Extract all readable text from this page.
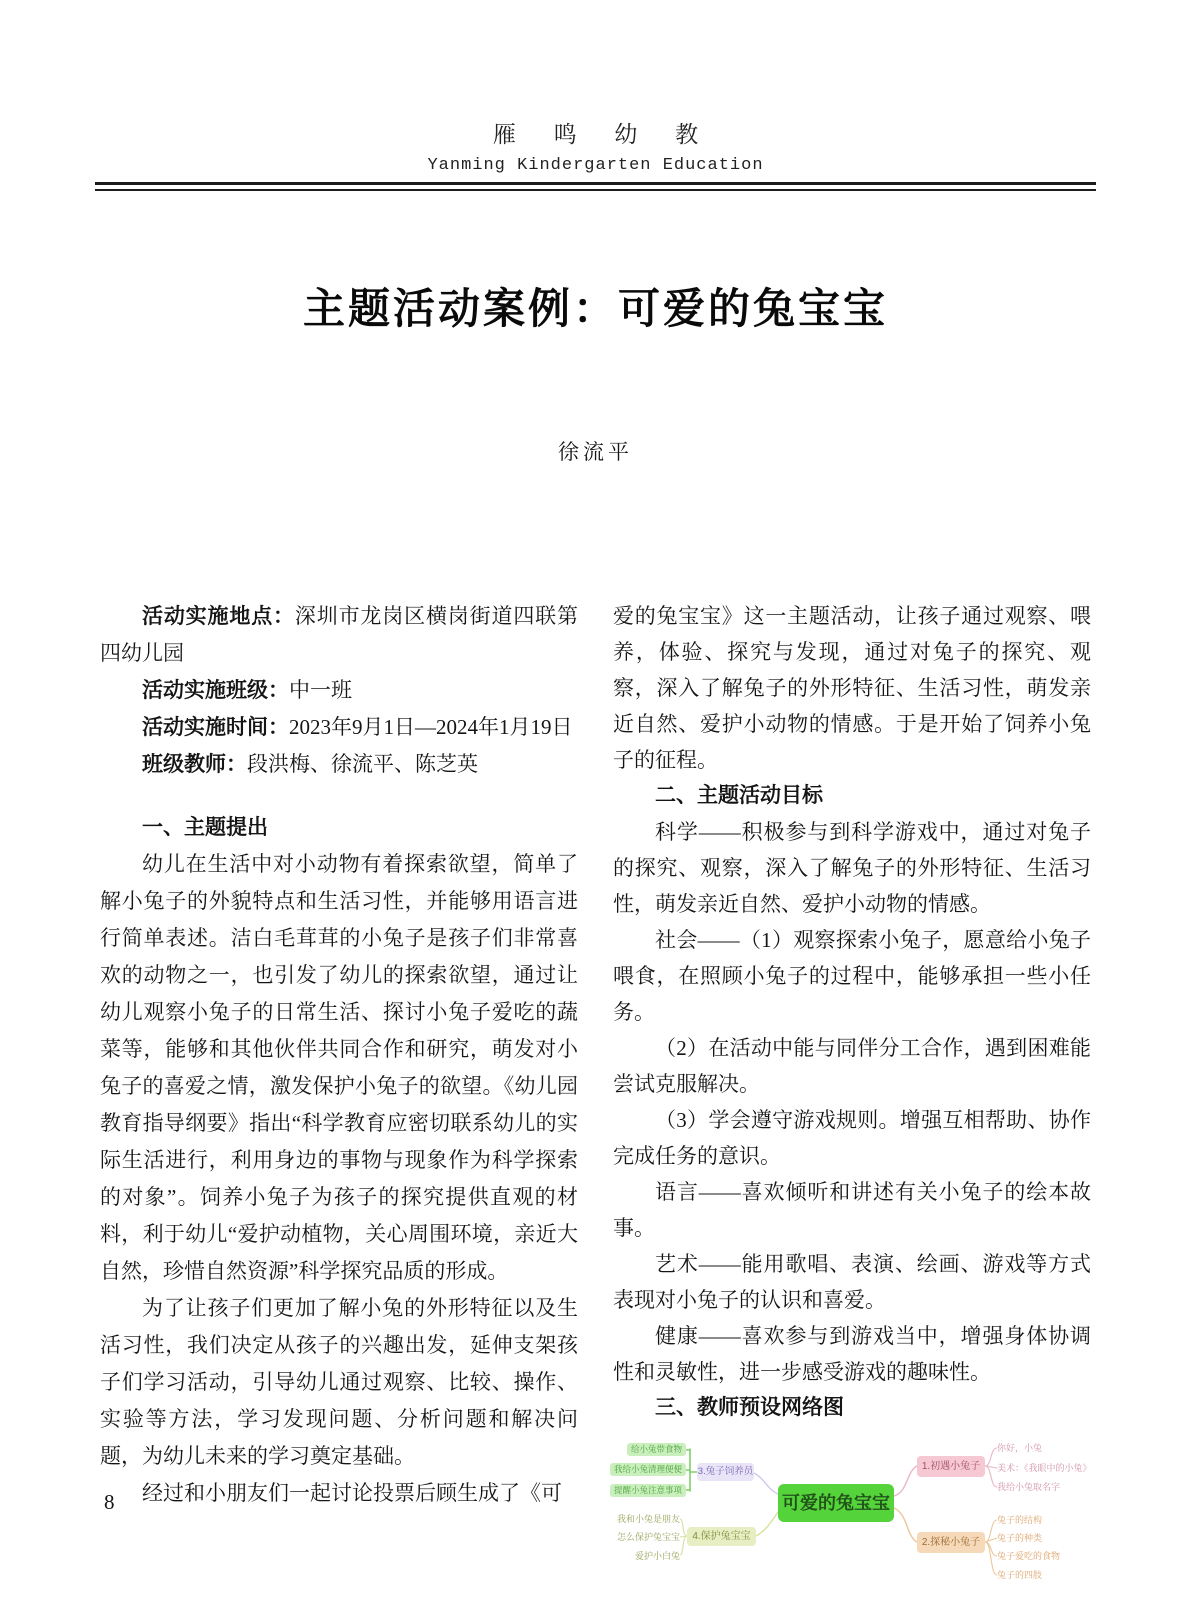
雁 鸣 幼 教
Yanming Kindergarten Education
主题活动案例：可爱的兔宝宝
徐流平

活动实施地点：深圳市龙岗区横岗街道四联第四幼儿园

活动实施班级：中一班

活动实施时间：2023年9月1日—2024年1月19日

班级教师：段洪梅、徐流平、陈芝英

一、主题提出

幼儿在生活中对小动物有着探索欲望，简单了解小兔子的外貌特点和生活习性，并能够用语言进行简单表述。洁白毛茸茸的小兔子是孩子们非常喜欢的动物之一，也引发了幼儿的探索欲望，通过让幼儿观察小兔子的日常生活、探讨小兔子爱吃的蔬菜等，能够和其他伙伴共同合作和研究，萌发对小兔子的喜爱之情，激发保护小兔子的欲望。《幼儿园教育指导纲要》指出“科学教育应密切联系幼儿的实际生活进行，利用身边的事物与现象作为科学探索的对象”。饲养小兔子为孩子的探究提供直观的材料，利于幼儿“爱护动植物，关心周围环境，亲近大自然，珍惜自然资源”科学探究品质的形成。

为了让孩子们更加了解小兔的外形特征以及生活习性，我们决定从孩子的兴趣出发，延伸支架孩子们学习活动，引导幼儿通过观察、比较、操作、实验等方法，学习发现问题、分析问题和解决问题，为幼儿未来的学习奠定基础。

经过和小朋友们一起讨论投票后顾生成了《可

爱的兔宝宝》这一主题活动，让孩子通过观察、喂养，体验、探究与发现，通过对兔子的探究、观察，深入了解兔子的外形特征、生活习性，萌发亲近自然、爱护小动物的情感。于是开始了饲养小兔子的征程。

二、主题活动目标

科学——积极参与到科学游戏中，通过对兔子的探究、观察，深入了解兔子的外形特征、生活习性，萌发亲近自然、爱护小动物的情感。

社会——（1）观察探索小兔子，愿意给小兔子喂食，在照顾小兔子的过程中，能够承担一些小任务。

（2）在活动中能与同伴分工合作，遇到困难能尝试克服解决。

（3）学会遵守游戏规则。增强互相帮助、协作完成任务的意识。

语言——喜欢倾听和讲述有关小兔子的绘本故事。

艺术——能用歌唱、表演、绘画、游戏等方式表现对小兔子的认识和喜爱。

健康——喜欢参与到游戏当中，增强身体协调性和灵敏性，进一步感受游戏的趣味性。

三、教师预设网络图

可爱的兔宝宝
1.初遇小兔子
你好，小兔
美术：《我眼中的小兔》
我给小兔取名字
2.探秘小兔子
兔子的结构
兔子的种类
兔子爱吃的食物
兔子的四肢
3.兔子饲养员
给小兔带食物
我给小兔清理便便
提醒小兔注意事项
4.保护兔宝宝
我和小兔是朋友
怎么保护兔宝宝
爱护小白兔
8
